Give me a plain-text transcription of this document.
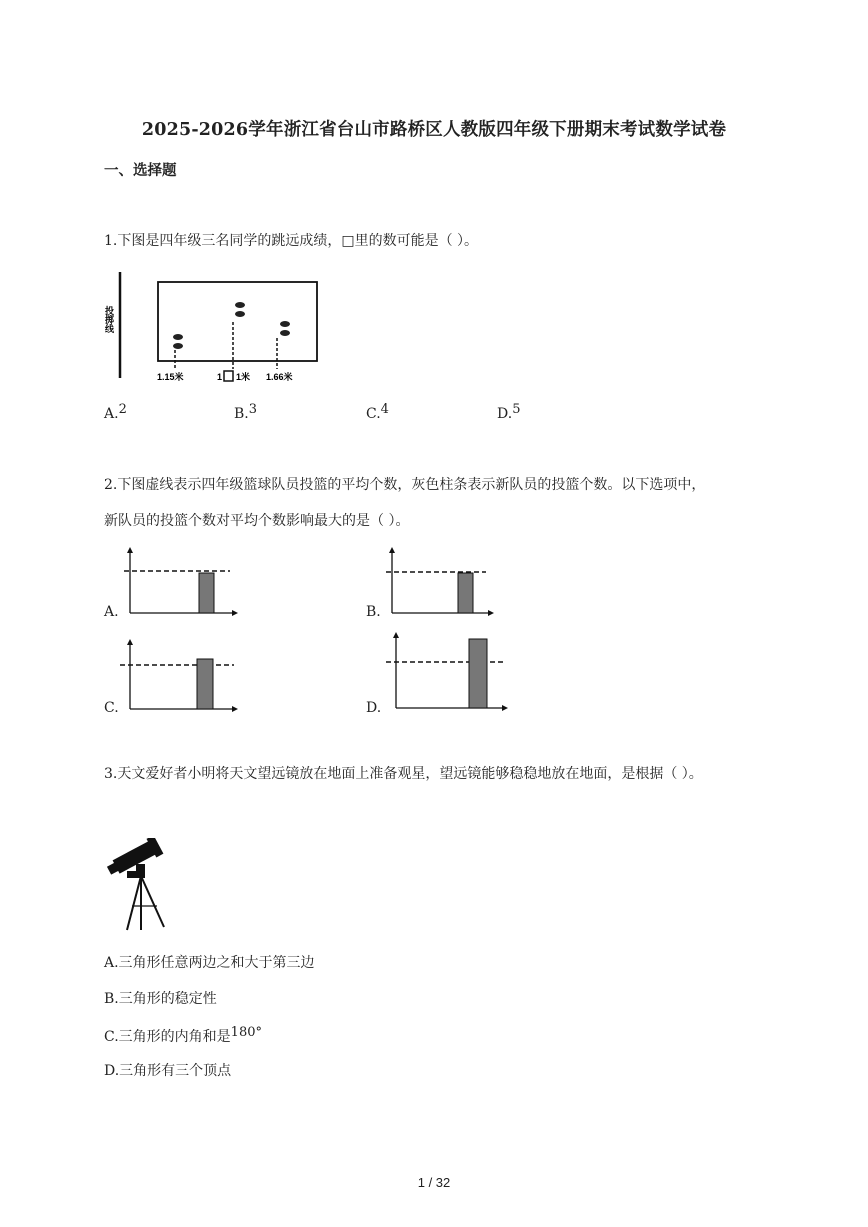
2025-2026学年浙江省台山市路桥区人教版四年级下册期末考试数学试卷
一、选择题
1.下图是四年级三名同学的跳远成绩，□里的数可能是（ ）。
投掷线
1.15米	1 1米 1.66米
A.$^2$	B.$^3$	C.$^4$	D.$^5$
2.下图虚线表示四年级篮球队员投篮的平均个数，灰色柱条表示新队员的投篮个数。以下选项中，
新队员的投篮个数对平均个数影响最大的是（ ）。
A.	B.
C.	D.
3.天文爱好者小明将天文望远镜放在地面上准备观星，望远镜能够稳稳地放在地面，是根据（ ）。
A.三角形任意两边之和大于第三边
B.三角形的稳定性
C.三角形的内角和是$^{180^\circ}$
D.三角形有三个顶点
1 / 32
